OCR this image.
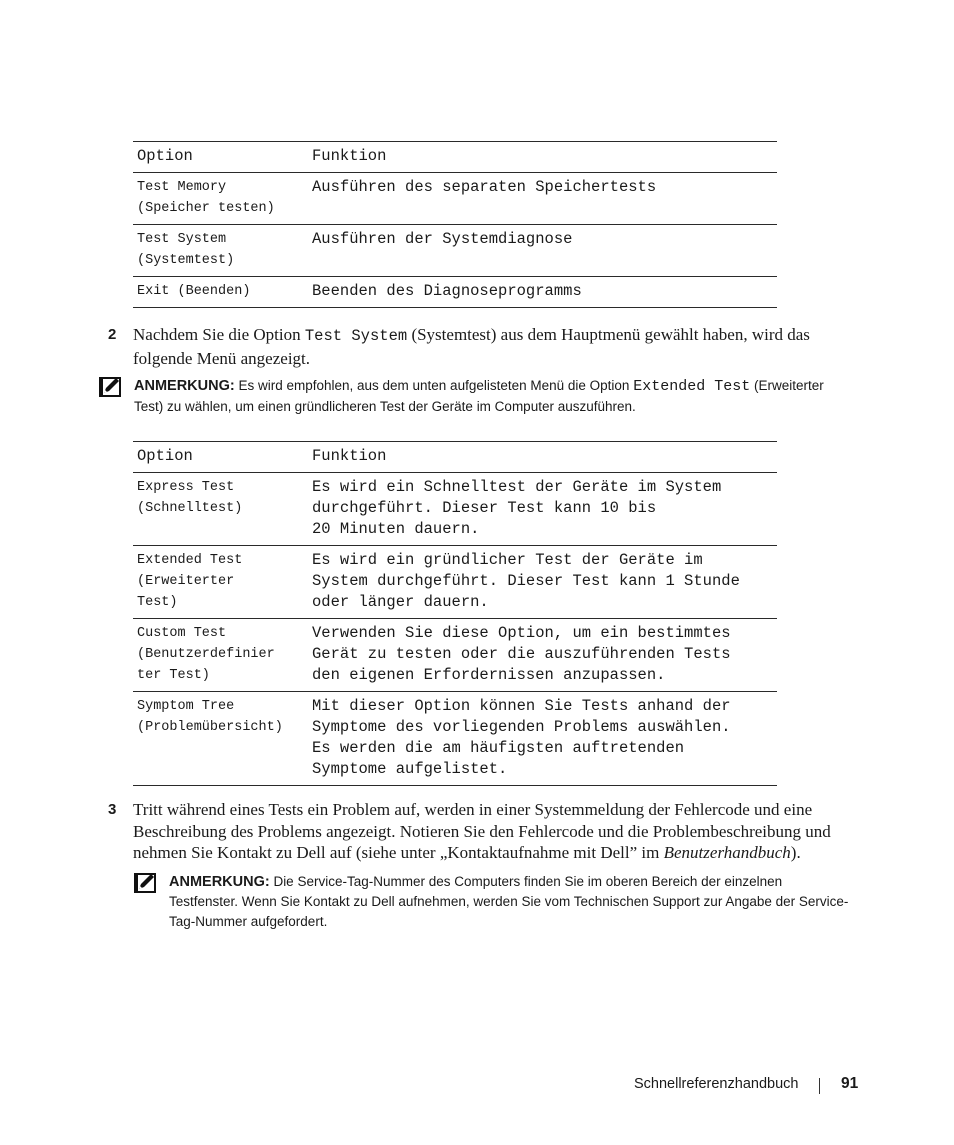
Option	Funktion
Test Memory
(Speicher testen)	Ausführen des separaten Speichertests
Test System
(Systemtest)	Ausführen der Systemdiagnose
Exit (Beenden)	Beenden des Diagnoseprogramms
2 Nachdem Sie die Option Test System (Systemtest) aus dem Hauptmenü gewählt haben, wird das folgende Menü angezeigt.
ANMERKUNG: Es wird empfohlen, aus dem unten aufgelisteten Menü die Option Extended Test (Erweiterter Test) zu wählen, um einen gründlicheren Test der Geräte im Computer auszuführen.
Option	Funktion
Express Test
(Schnelltest)	Es wird ein Schnelltest der Geräte im System
durchgeführt. Dieser Test kann 10 bis
20 Minuten dauern.
Extended Test
(Erweiterter
Test)	Es wird ein gründlicher Test der Geräte im
System durchgeführt. Dieser Test kann 1 Stunde
oder länger dauern.
Custom Test
(Benutzerdefinier
ter Test)	Verwenden Sie diese Option, um ein bestimmtes
Gerät zu testen oder die auszuführenden Tests
den eigenen Erfordernissen anzupassen.
Symptom Tree
(Problemübersicht)	Mit dieser Option können Sie Tests anhand der
Symptome des vorliegenden Problems auswählen.
Es werden die am häufigsten auftretenden
Symptome aufgelistet.
3 Tritt während eines Tests ein Problem auf, werden in einer Systemmeldung der Fehlercode und eine Beschreibung des Problems angezeigt. Notieren Sie den Fehlercode und die Problembeschreibung und nehmen Sie Kontakt zu Dell auf (siehe unter „Kontaktaufnahme mit Dell” im Benutzerhandbuch).
ANMERKUNG: Die Service-Tag-Nummer des Computers finden Sie im oberen Bereich der einzelnen Testfenster. Wenn Sie Kontakt zu Dell aufnehmen, werden Sie vom Technischen Support zur Angabe der Service-Tag-Nummer aufgefordert.
Schnellreferenzhandbuch	91
